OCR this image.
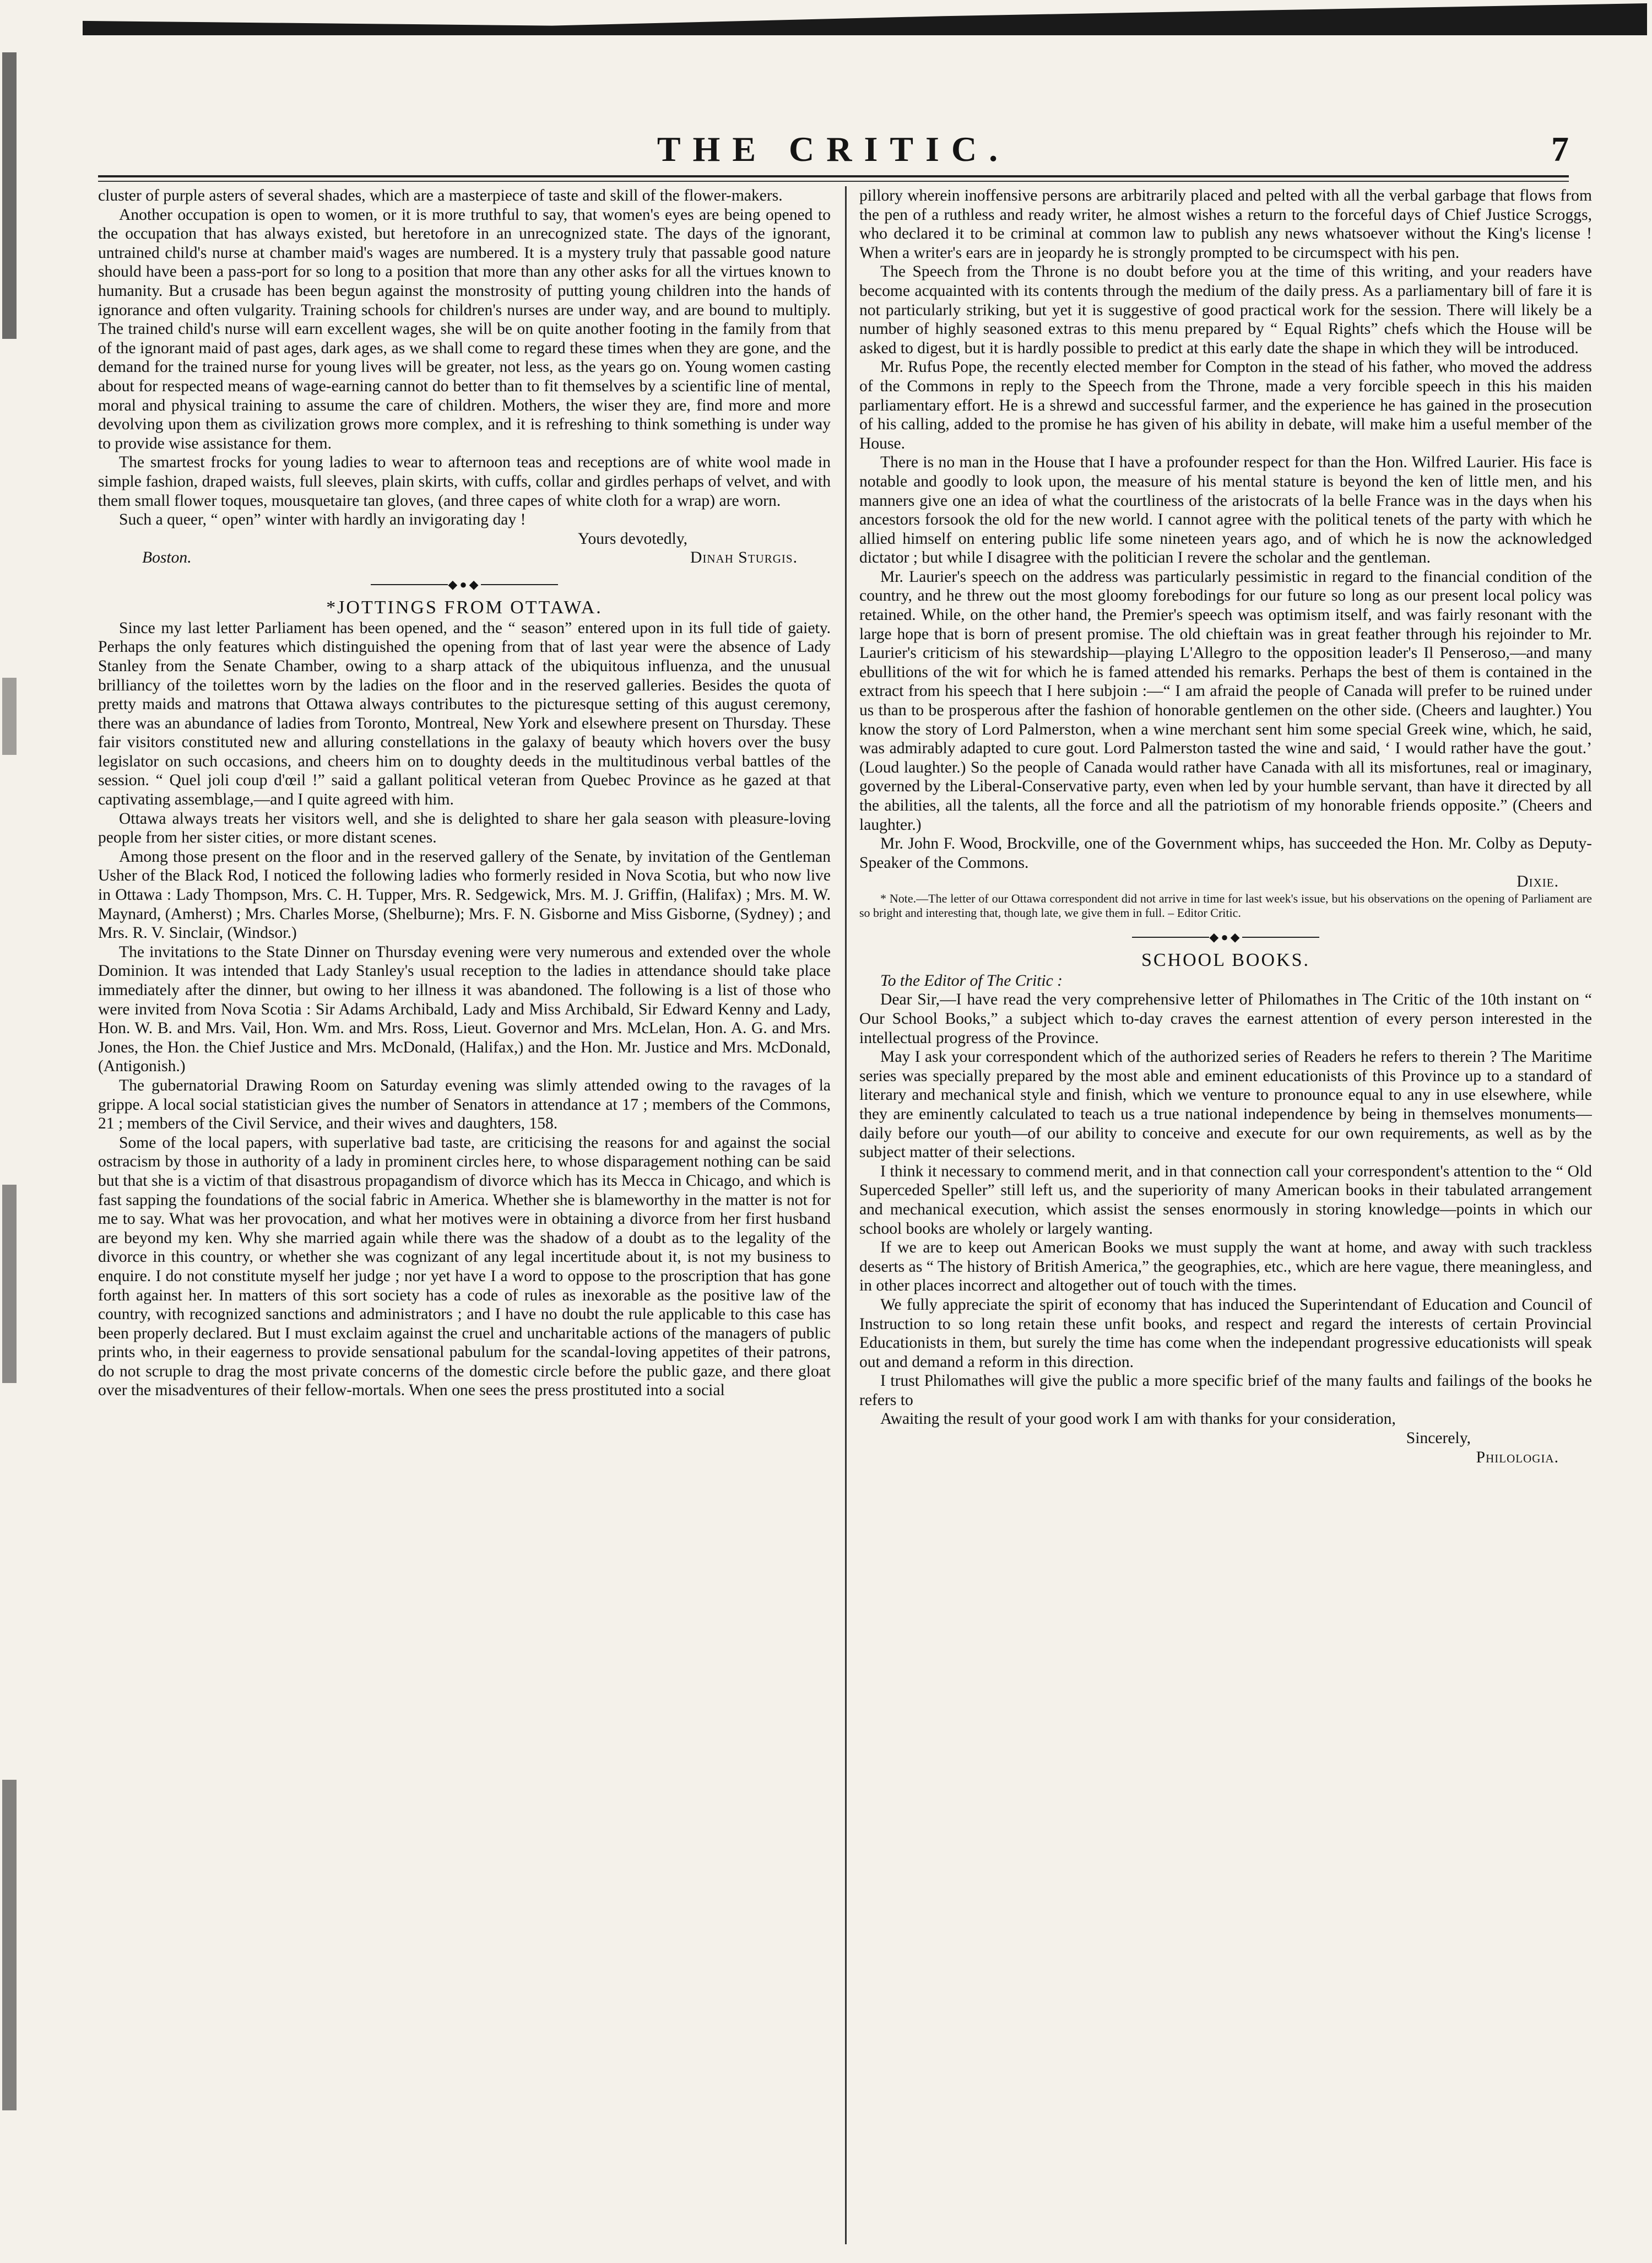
THE CRITIC.	7

cluster of purple asters of several shades, which are a masterpiece of taste and skill of the flower-makers.

Another occupation is open to women, or it is more truthful to say, that women's eyes are being opened to the occupation that has always existed, but heretofore in an unrecognized state. The days of the ignorant, untrained child's nurse at chamber maid's wages are numbered. It is a mystery truly that passable good nature should have been a pass-port for so long to a position that more than any other asks for all the virtues known to humanity. But a crusade has been begun against the monstrosity of putting young children into the hands of ignorance and often vulgarity. Training schools for children's nurses are under way, and are bound to multiply. The trained child's nurse will earn excellent wages, she will be on quite another footing in the family from that of the ignorant maid of past ages, dark ages, as we shall come to regard these times when they are gone, and the demand for the trained nurse for young lives will be greater, not less, as the years go on. Young women casting about for respected means of wage-earning cannot do better than to fit themselves by a scientific line of mental, moral and physical training to assume the care of children. Mothers, the wiser they are, find more and more devolving upon them as civilization grows more complex, and it is refreshing to think something is under way to provide wise assistance for them.

The smartest frocks for young ladies to wear to afternoon teas and receptions are of white wool made in simple fashion, draped waists, full sleeves, plain skirts, with cuffs, collar and girdles perhaps of velvet, and with them small flower toques, mousquetaire tan gloves, (and three capes of white cloth for a wrap) are worn.

Such a queer, “ open” winter with hardly an invigorating day !

Yours devotedly,

Boston.	Dinah Sturgis.
◆●◆
*JOTTINGS FROM OTTAWA.

Since my last letter Parliament has been opened, and the “ season” entered upon in its full tide of gaiety. Perhaps the only features which distinguished the opening from that of last year were the absence of Lady Stanley from the Senate Chamber, owing to a sharp attack of the ubiquitous influenza, and the unusual brilliancy of the toilettes worn by the ladies on the floor and in the reserved galleries. Besides the quota of pretty maids and matrons that Ottawa always contributes to the picturesque setting of this august ceremony, there was an abundance of ladies from Toronto, Montreal, New York and elsewhere present on Thursday. These fair visitors constituted new and alluring constellations in the galaxy of beauty which hovers over the busy legislator on such occasions, and cheers him on to doughty deeds in the multitudinous verbal battles of the session. “ Quel joli coup d'œil !” said a gallant political veteran from Quebec Province as he gazed at that captivating assemblage,—and I quite agreed with him.

Ottawa always treats her visitors well, and she is delighted to share her gala season with pleasure-loving people from her sister cities, or more distant scenes.

Among those present on the floor and in the reserved gallery of the Senate, by invitation of the Gentleman Usher of the Black Rod, I noticed the following ladies who formerly resided in Nova Scotia, but who now live in Ottawa : Lady Thompson, Mrs. C. H. Tupper, Mrs. R. Sedgewick, Mrs. M. J. Griffin, (Halifax) ; Mrs. M. W. Maynard, (Amherst) ; Mrs. Charles Morse, (Shelburne); Mrs. F. N. Gisborne and Miss Gisborne, (Sydney) ; and Mrs. R. V. Sinclair, (Windsor.)

The invitations to the State Dinner on Thursday evening were very numerous and extended over the whole Dominion. It was intended that Lady Stanley's usual reception to the ladies in attendance should take place immediately after the dinner, but owing to her illness it was abandoned. The following is a list of those who were invited from Nova Scotia : Sir Adams Archibald, Lady and Miss Archibald, Sir Edward Kenny and Lady, Hon. W. B. and Mrs. Vail, Hon. Wm. and Mrs. Ross, Lieut. Governor and Mrs. McLelan, Hon. A. G. and Mrs. Jones, the Hon. the Chief Justice and Mrs. McDonald, (Halifax,) and the Hon. Mr. Justice and Mrs. McDonald, (Antigonish.)

The gubernatorial Drawing Room on Saturday evening was slimly attended owing to the ravages of la grippe. A local social statistician gives the number of Senators in attendance at 17 ; members of the Commons, 21 ; members of the Civil Service, and their wives and daughters, 158.

Some of the local papers, with superlative bad taste, are criticising the reasons for and against the social ostracism by those in authority of a lady in prominent circles here, to whose disparagement nothing can be said but that she is a victim of that disastrous propagandism of divorce which has its Mecca in Chicago, and which is fast sapping the foundations of the social fabric in America. Whether she is blameworthy in the matter is not for me to say. What was her provocation, and what her motives were in obtaining a divorce from her first husband are beyond my ken. Why she married again while there was the shadow of a doubt as to the legality of the divorce in this country, or whether she was cognizant of any legal incertitude about it, is not my business to enquire. I do not constitute myself her judge ; nor yet have I a word to oppose to the proscription that has gone forth against her. In matters of this sort society has a code of rules as inexorable as the positive law of the country, with recognized sanctions and administrators ; and I have no doubt the rule applicable to this case has been properly declared. But I must exclaim against the cruel and uncharitable actions of the managers of public prints who, in their eagerness to provide sensational pabulum for the scandal-loving appetites of their patrons, do not scruple to drag the most private concerns of the domestic circle before the public gaze, and there gloat over the misadventures of their fellow-mortals. When one sees the press prostituted into a social

pillory wherein inoffensive persons are arbitrarily placed and pelted with all the verbal garbage that flows from the pen of a ruthless and ready writer, he almost wishes a return to the forceful days of Chief Justice Scroggs, who declared it to be criminal at common law to publish any news whatsoever without the King's license ! When a writer's ears are in jeopardy he is strongly prompted to be circumspect with his pen.

The Speech from the Throne is no doubt before you at the time of this writing, and your readers have become acquainted with its contents through the medium of the daily press. As a parliamentary bill of fare it is not particularly striking, but yet it is suggestive of good practical work for the session. There will likely be a number of highly seasoned extras to this menu prepared by “ Equal Rights” chefs which the House will be asked to digest, but it is hardly possible to predict at this early date the shape in which they will be introduced.

Mr. Rufus Pope, the recently elected member for Compton in the stead of his father, who moved the address of the Commons in reply to the Speech from the Throne, made a very forcible speech in this his maiden parliamentary effort. He is a shrewd and successful farmer, and the experience he has gained in the prosecution of his calling, added to the promise he has given of his ability in debate, will make him a useful member of the House.

There is no man in the House that I have a profounder respect for than the Hon. Wilfred Laurier. His face is notable and goodly to look upon, the measure of his mental stature is beyond the ken of little men, and his manners give one an idea of what the courtliness of the aristocrats of la belle France was in the days when his ancestors forsook the old for the new world. I cannot agree with the political tenets of the party with which he allied himself on entering public life some nineteen years ago, and of which he is now the acknowledged dictator ; but while I disagree with the politician I revere the scholar and the gentleman.

Mr. Laurier's speech on the address was particularly pessimistic in regard to the financial condition of the country, and he threw out the most gloomy forebodings for our future so long as our present local policy was retained. While, on the other hand, the Premier's speech was optimism itself, and was fairly resonant with the large hope that is born of present promise. The old chieftain was in great feather through his rejoinder to Mr. Laurier's criticism of his stewardship—playing L'Allegro to the opposition leader's Il Penseroso,—and many ebullitions of the wit for which he is famed attended his remarks. Perhaps the best of them is contained in the extract from his speech that I here subjoin :—“ I am afraid the people of Canada will prefer to be ruined under us than to be prosperous after the fashion of honorable gentlemen on the other side. (Cheers and laughter.) You know the story of Lord Palmerston, when a wine merchant sent him some special Greek wine, which, he said, was admirably adapted to cure gout. Lord Palmerston tasted the wine and said, ‘ I would rather have the gout.’ (Loud laughter.) So the people of Canada would rather have Canada with all its misfortunes, real or imaginary, governed by the Liberal-Conservative party, even when led by your humble servant, than have it directed by all the abilities, all the talents, all the force and all the patriotism of my honorable friends opposite.” (Cheers and laughter.)

Mr. John F. Wood, Brockville, one of the Government whips, has succeeded the Hon. Mr. Colby as Deputy-Speaker of the Commons.

Dixie.

* Note.—The letter of our Ottawa correspondent did not arrive in time for last week's issue, but his observations on the opening of Parliament are so bright and interesting that, though late, we give them in full. – Editor Critic.

◆●◆
SCHOOL BOOKS.

To the Editor of The Critic :

Dear Sir,—I have read the very comprehensive letter of Philomathes in The Critic of the 10th instant on “ Our School Books,” a subject which to-day craves the earnest attention of every person interested in the intellectual progress of the Province.

May I ask your correspondent which of the authorized series of Readers he refers to therein ? The Maritime series was specially prepared by the most able and eminent educationists of this Province up to a standard of literary and mechanical style and finish, which we venture to pronounce equal to any in use elsewhere, while they are eminently calculated to teach us a true national independence by being in themselves monuments—daily before our youth—of our ability to conceive and execute for our own requirements, as well as by the subject matter of their selections.

I think it necessary to commend merit, and in that connection call your correspondent's attention to the “ Old Superceded Speller” still left us, and the superiority of many American books in their tabulated arrangement and mechanical execution, which assist the senses enormously in storing knowledge—points in which our school books are wholely or largely wanting.

If we are to keep out American Books we must supply the want at home, and away with such trackless deserts as “ The history of British America,” the geographies, etc., which are here vague, there meaningless, and in other places incorrect and altogether out of touch with the times.

We fully appreciate the spirit of economy that has induced the Superintendant of Education and Council of Instruction to so long retain these unfit books, and respect and regard the interests of certain Provincial Educationists in them, but surely the time has come when the independant progressive educationists will speak out and demand a reform in this direction.

I trust Philomathes will give the public a more specific brief of the many faults and failings of the books he refers to

Awaiting the result of your good work I am with thanks for your consideration,

Sincerely,

Philologia.
